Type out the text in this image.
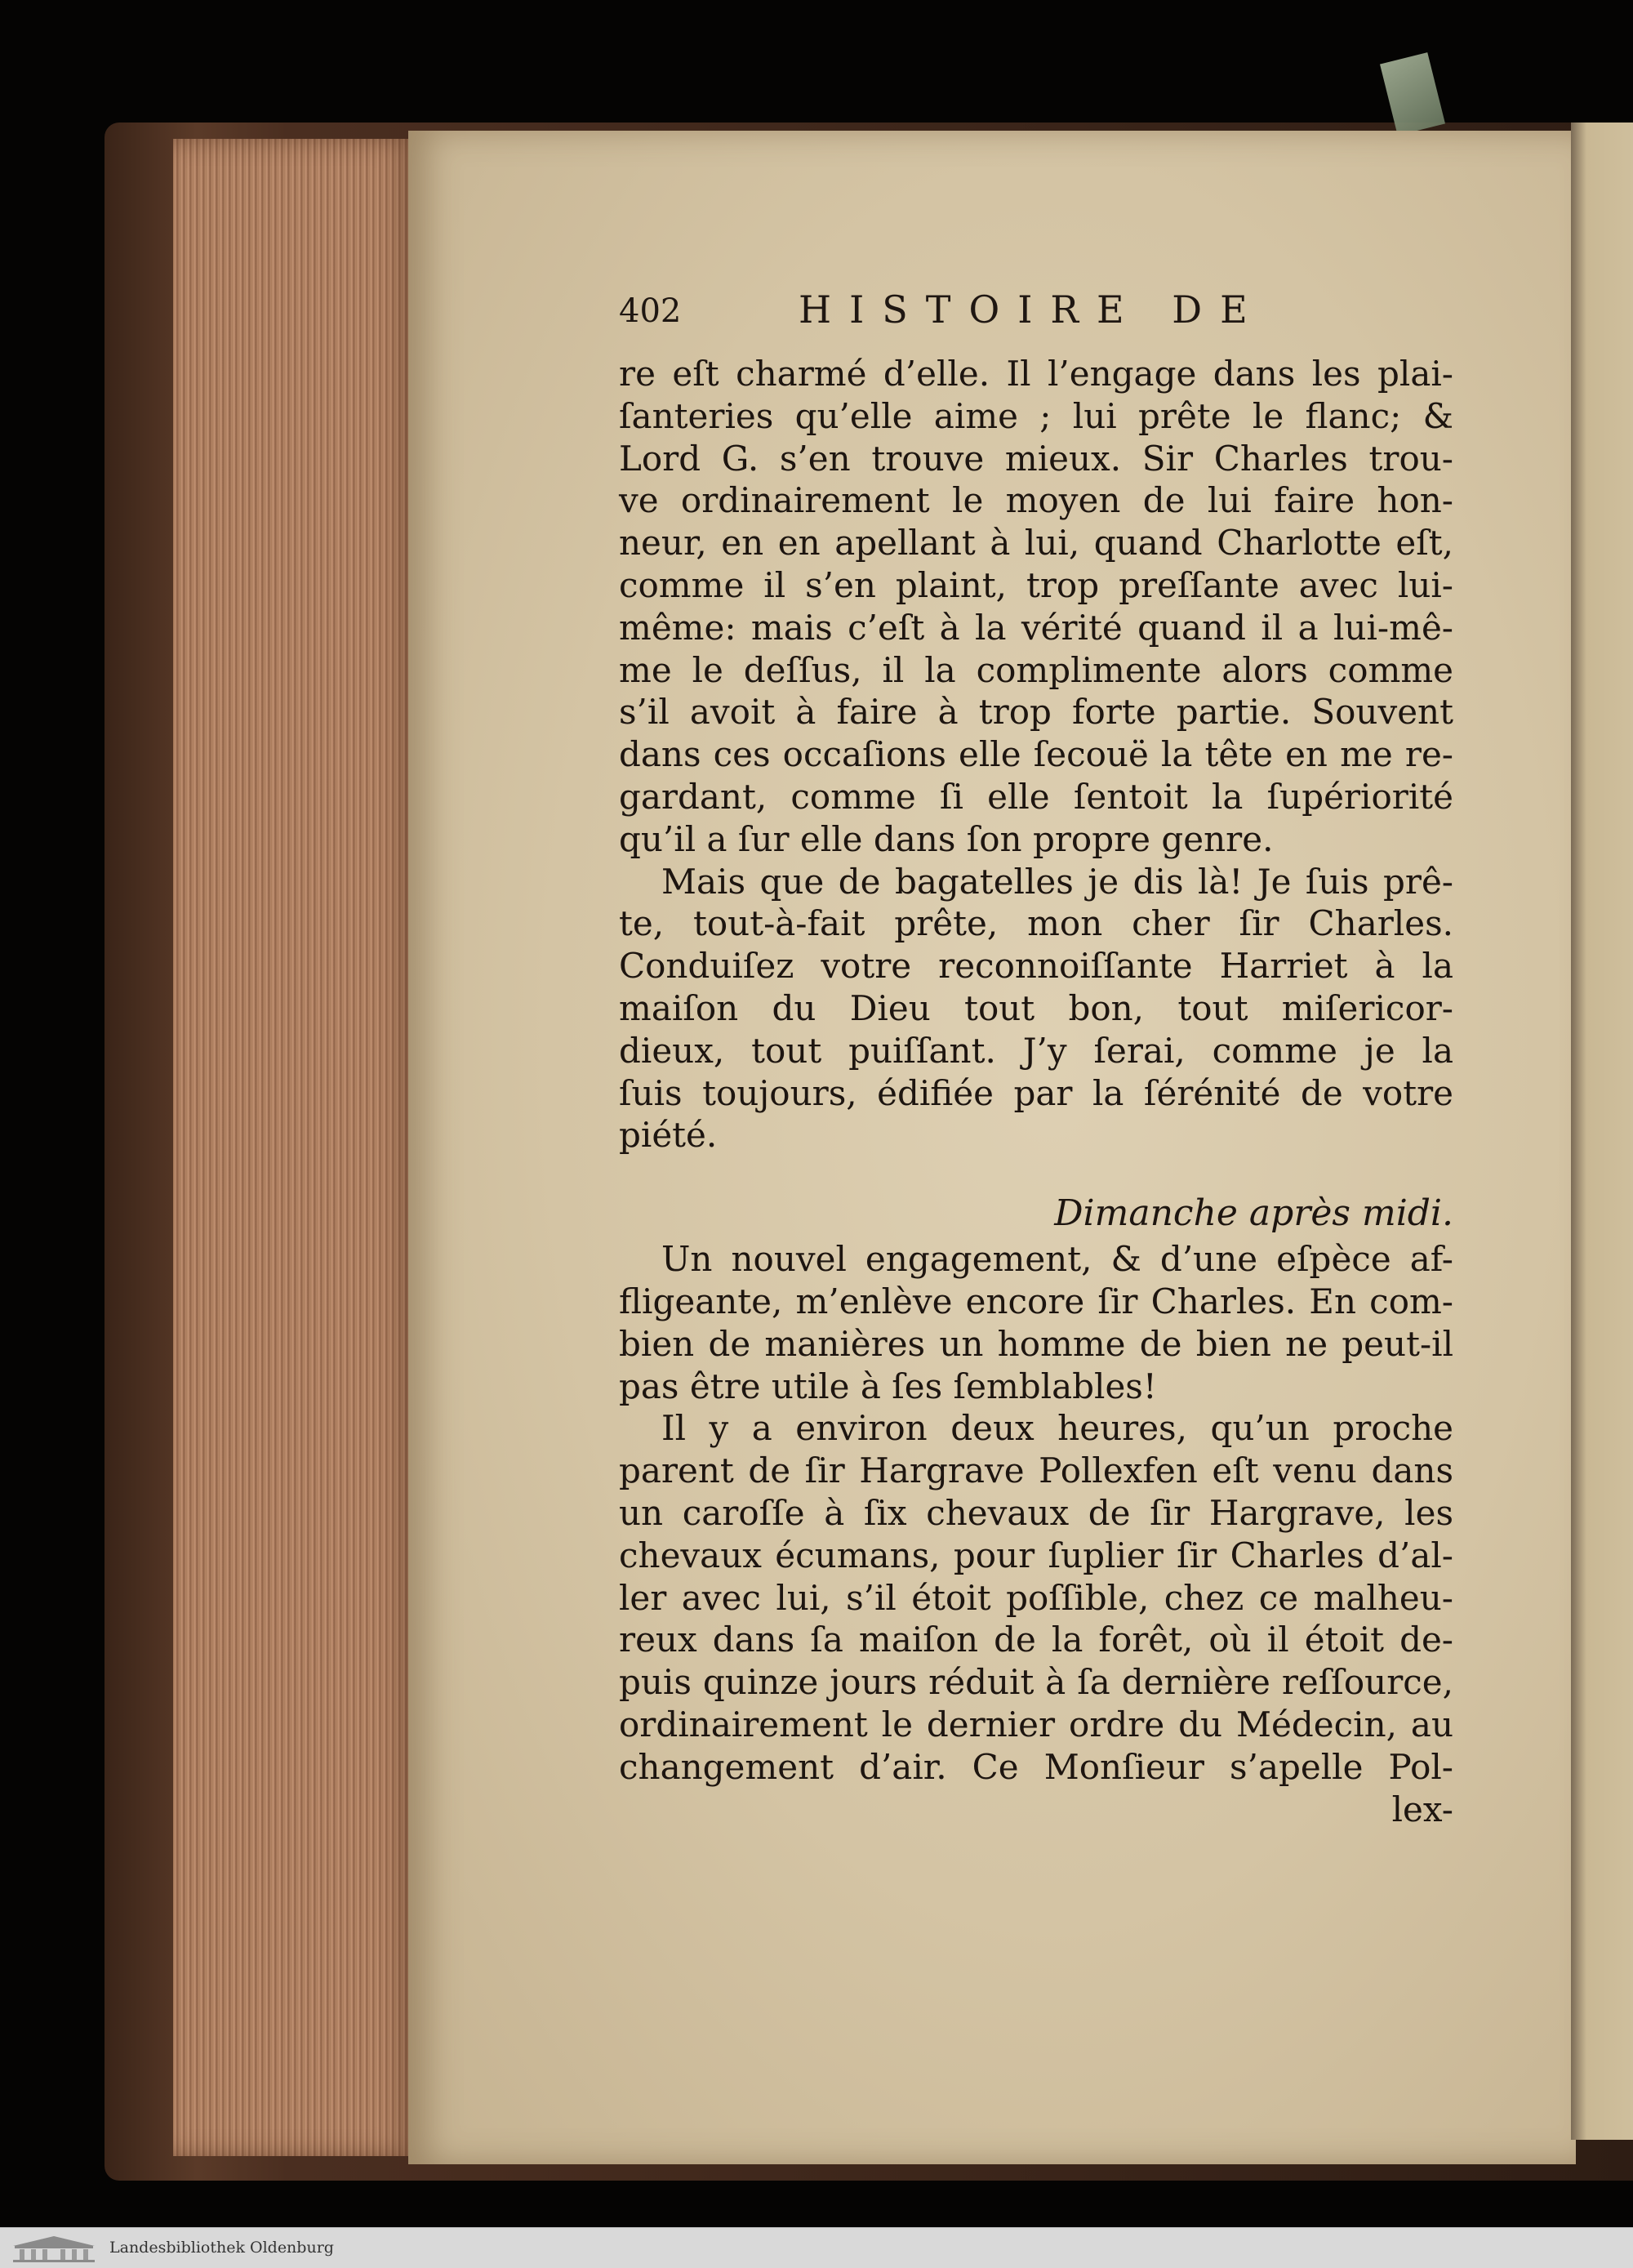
402	HISTOIRE DE
re eſt charmé d’elle. Il l’engage dans les plai-
ſanteries qu’elle aime ; lui prête le flanc; &
Lord G. s’en trouve mieux. Sir Charles trou-
ve ordinairement le moyen de lui faire hon-
neur, en en apellant à lui, quand Charlotte eſt,
comme il s’en plaint, trop preſſante avec lui-
même: mais c’eſt à la vérité quand il a lui-mê-
me le deſſus, il la complimente alors comme
s’il avoit à faire à trop forte partie. Souvent
dans ces occaſions elle ſecouë la tête en me re-
gardant, comme ſi elle ſentoit la ſupériorité
qu’il a ſur elle dans ſon propre genre.
Mais que de bagatelles je dis là! Je ſuis prê-
te, tout-à-fait prête, mon cher ſir Charles.
Conduiſez votre reconnoiſſante Harriet à la
maiſon du Dieu tout bon, tout miſericor-
dieux, tout puiſſant. J’y ſerai, comme je la
ſuis toujours, édifiée par la ſérénité de votre
piété.
Dimanche après midi.
Un nouvel engagement, & d’une eſpèce af-
fligeante, m’enlève encore ſir Charles. En com-
bien de manières un homme de bien ne peut-il
pas être utile à ſes ſemblables!
Il y a environ deux heures, qu’un proche
parent de ſir Hargrave Pollexfen eſt venu dans
un caroſſe à ſix chevaux de ſir Hargrave, les
chevaux écumans, pour ſuplier ſir Charles d’al-
ler avec lui, s’il étoit poſſible, chez ce malheu-
reux dans ſa maiſon de la forêt, où il étoit de-
puis quinze jours réduit à ſa dernière reſſource,
ordinairement le dernier ordre du Médecin, au
changement d’air. Ce Monſieur s’apelle Pol-
lex-
Landesbibliothek Oldenburg
